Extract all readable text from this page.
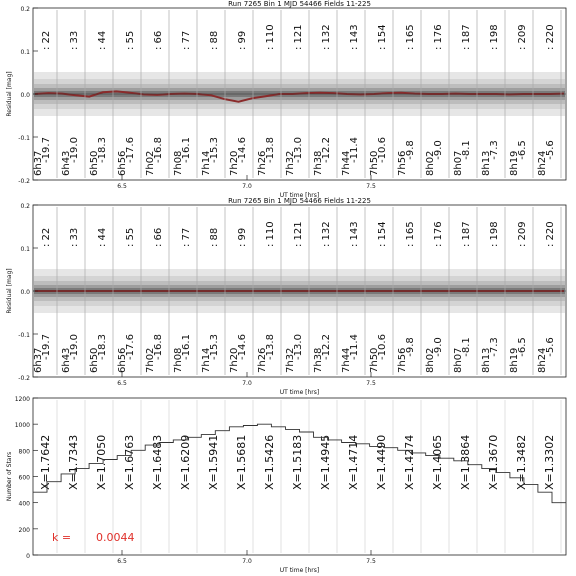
: 22
-19.7
6h37
: 33
-19.0
6h43
: 44
-18.3
6h50
: 55
-17.6
6h56
: 66
-16.8
7h02
: 77
-16.1
7h08
: 88
-15.3
7h14
: 99
-14.6
7h20
: 110
-13.8
7h26
: 121
-13.0
7h32
: 132
-12.2
7h38
: 143
-11.4
7h44
: 154
-10.6
7h50
: 165
-9.8
7h56
: 176
-9.0
8h02
: 187
-8.1
8h07
: 198
-7.3
8h13
: 209
-6.5
8h19
: 220
-5.6
8h24
-0.2
-0.1
0.0
0.1
0.2
6.5	7.0	7.5
Run 7265 Bin 1 MJD 54466 Fields 11-225
Residual [mag]
UT time [hrs]
: 22
-19.7
6h37
: 33
-19.0
6h43
: 44
-18.3
6h50
: 55
-17.6
6h56
: 66
-16.8
7h02
: 77
-16.1
7h08
: 88
-15.3
7h14
: 99
-14.6
7h20
: 110
-13.8
7h26
: 121
-13.0
7h32
: 132
-12.2
7h38
: 143
-11.4
7h44
: 154
-10.6
7h50
: 165
-9.8
7h56
: 176
-9.0
8h02
: 187
-8.1
8h07
: 198
-7.3
8h13
: 209
-6.5
8h19
: 220
-5.6
8h24
-0.2
-0.1
0.0
0.1
0.2
6.5	7.0	7.5
Run 7265 Bin 1 MJD 54466 Fields 11-225
Residual [mag]
UT time [hrs]
X=1.7642 X=1.7343 X=1.7050 X=1.6763 X=1.6483 X=1.6209 X=1.5941 X=1.5681 X=1.5426 X=1.5183 X=1.4945 X=1.4714 X=1.4490 X=1.4274 X=1.4065 X=1.3864 X=1.3670 X=1.3482 X=1.3302
0
200
400
600
800
1000
1200
6.5	7.0	7.5
Number of Stars
UT time [hrs]
k = 0.0044
